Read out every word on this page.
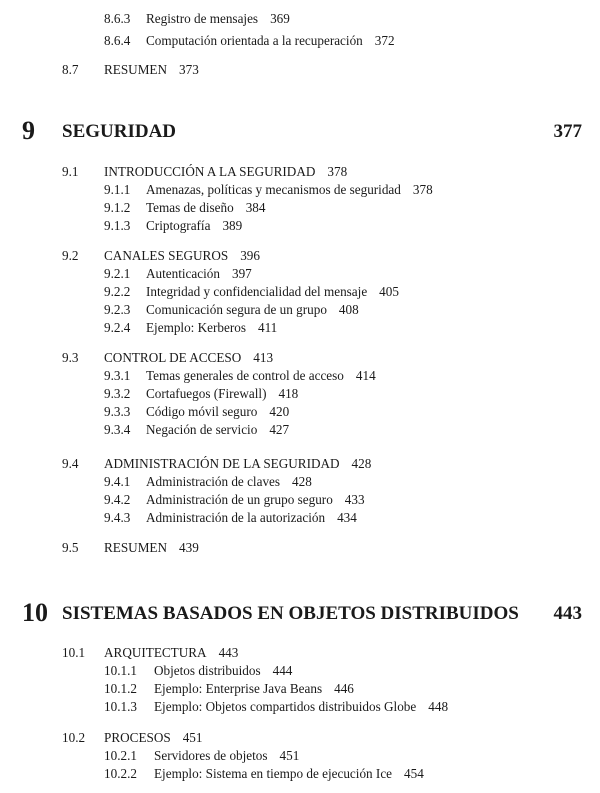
8.6.3 Registro de mensajes 369
8.6.4 Computación orientada a la recuperación 372
8.7 RESUMEN 373
9 SEGURIDAD	377
9.1 INTRODUCCIÓN A LA SEGURIDAD 378
9.1.1 Amenazas, políticas y mecanismos de seguridad 378
9.1.2 Temas de diseño 384
9.1.3 Criptografía 389
9.2 CANALES SEGUROS 396
9.2.1 Autenticación 397
9.2.2 Integridad y confidencialidad del mensaje 405
9.2.3 Comunicación segura de un grupo 408
9.2.4 Ejemplo: Kerberos 411
9.3 CONTROL DE ACCESO 413
9.3.1 Temas generales de control de acceso 414
9.3.2 Cortafuegos (Firewall) 418
9.3.3 Código móvil seguro 420
9.3.4 Negación de servicio 427
9.4 ADMINISTRACIÓN DE LA SEGURIDAD 428
9.4.1 Administración de claves 428
9.4.2 Administración de un grupo seguro 433
9.4.3 Administración de la autorización 434
9.5 RESUMEN 439
10 SISTEMAS BASADOS EN OBJETOS DISTRIBUIDOS 443
10.1 ARQUITECTURA 443
10.1.1 Objetos distribuidos 444
10.1.2 Ejemplo: Enterprise Java Beans 446
10.1.3 Ejemplo: Objetos compartidos distribuidos Globe 448
10.2 PROCESOS 451
10.2.1 Servidores de objetos 451
10.2.2 Ejemplo: Sistema en tiempo de ejecución Ice 454
